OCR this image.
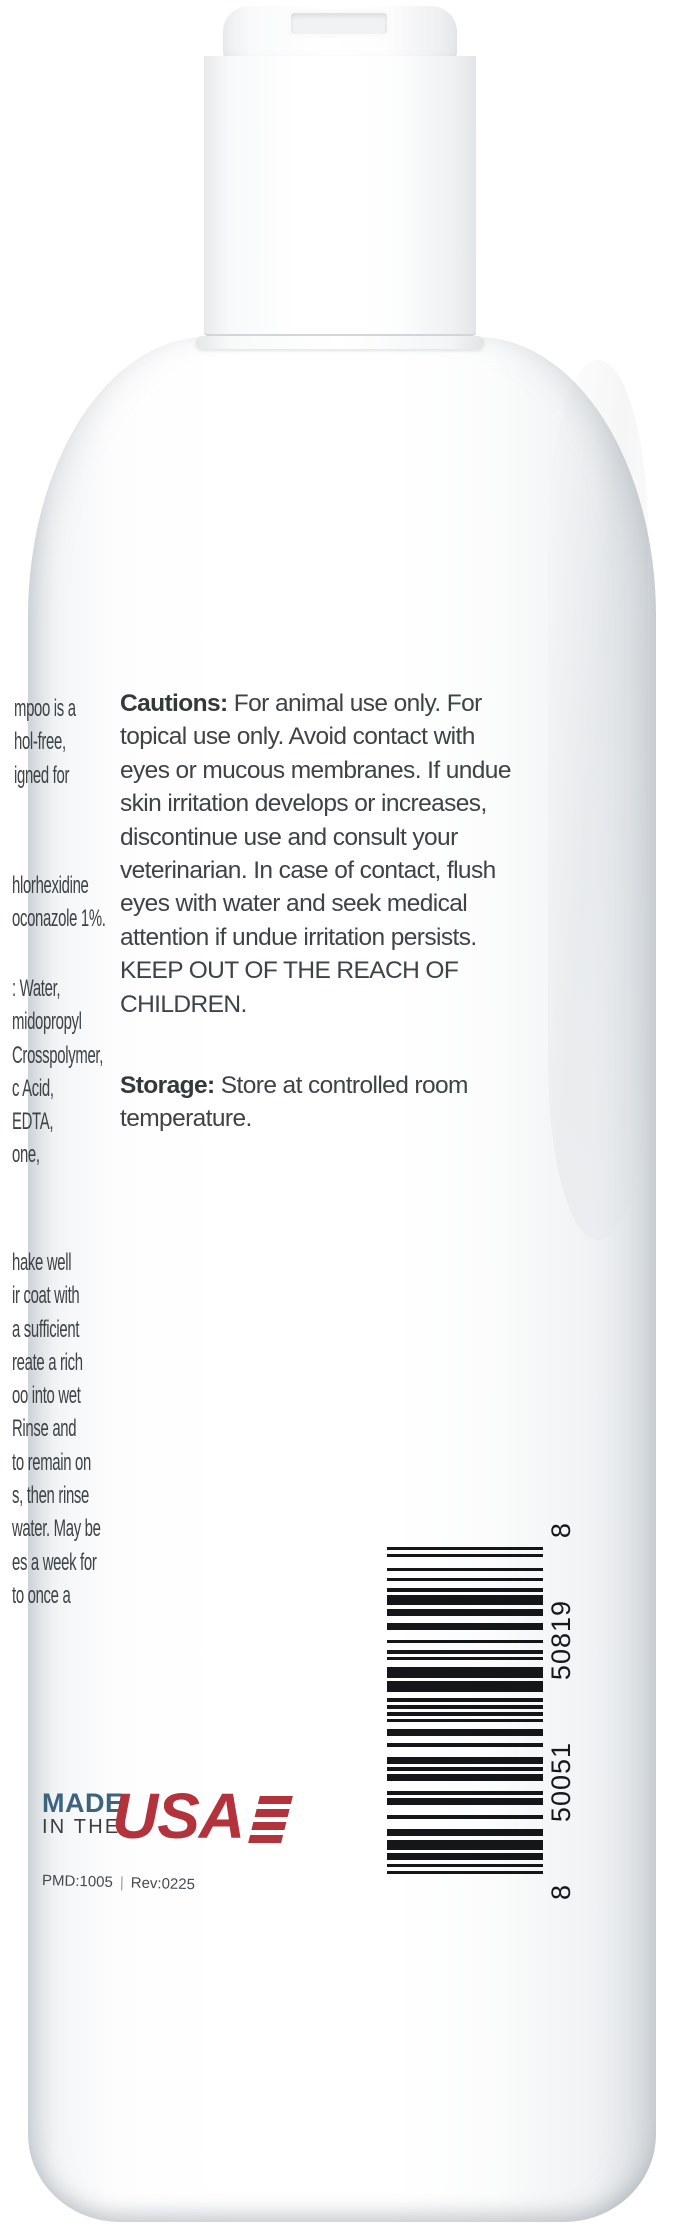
mpoo is a
hol-free,
igned for
hlorhexidine
oconazole 1%.
: Water,
midopropyl
Crosspolymer,
c Acid,
EDTA,
one,
hake well
ir coat with
a sufficient
reate a rich
oo into wet
Rinse and
to remain on
s, then rinse
water. May be
es a week for
to once a
Cautions: For animal use only. For
topical use only. Avoid contact with
eyes or mucous membranes. If undue
skin irritation develops or increases,
discontinue use and consult your
veterinarian. In case of contact, flush
eyes with water and seek medical
attention if undue irritation persists.
KEEP OUT OF THE REACH OF
CHILDREN.
Storage: Store at controlled room
temperature.
8
50051
50819
8
MADE
IN THE
USA
PMD:1005 | Rev:0225
